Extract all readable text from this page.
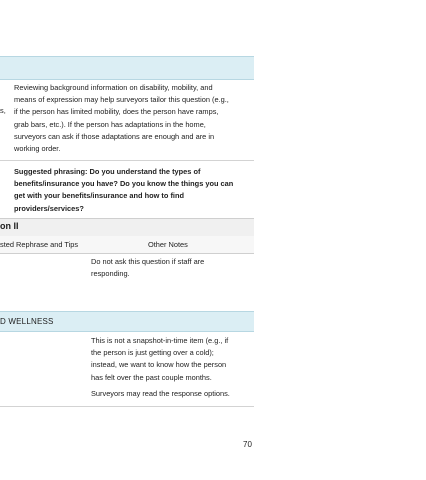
s,
Reviewing background information on disability, mobility, and
means of expression may help surveyors tailor this question (e.g.,
if the person has limited mobility, does the person have ramps,
grab bars, etc.). If the person has adaptations in the home,
surveyors can ask if those adaptations are enough and are in
working order.
Suggested phrasing: Do you understand the types of
benefits/insurance you have? Do you know the things you can
get with your benefits/insurance and how to find
providers/services?
on II
sted Rephrase and Tips	Other Notes
Do not ask this question if staff are
responding.
D WELLNESS
This is not a snapshot-in-time item (e.g., if
the person is just getting over a cold);
instead, we want to know how the person
has felt over the past couple months.
Surveyors may read the response options.
70
